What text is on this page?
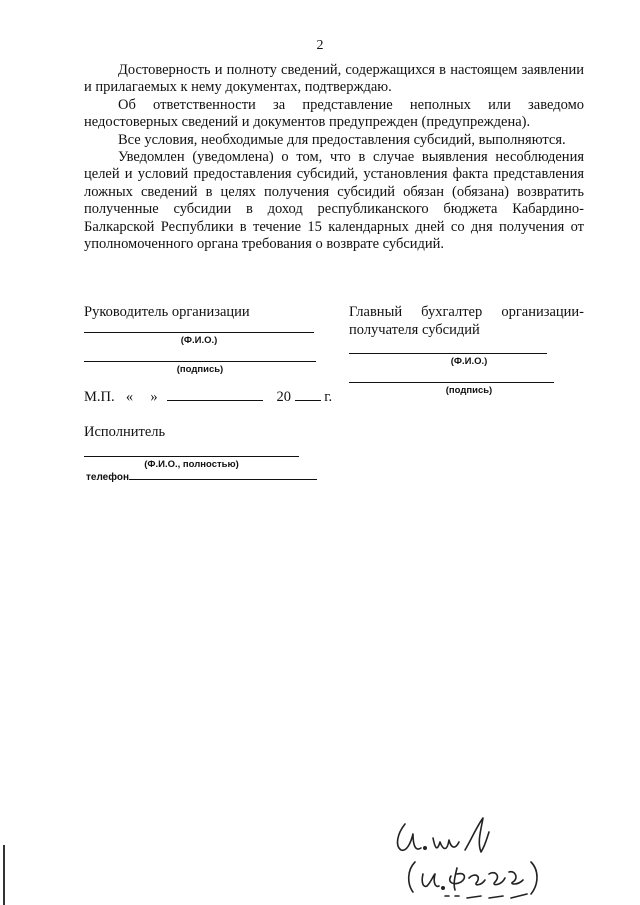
2

Достоверность и полноту сведений, содержащихся в настоящем заявлении и прилагаемых к нему документах, подтверждаю.

Об ответственности за представление неполных или заведомо недостоверных сведений и документов предупрежден (предупреждена).

Все условия, необходимые для предоставления субсидий, выполняются.

Уведомлен (уведомлена) о том, что в случае выявления несоблюдения целей и условий предоставления субсидий, установления факта представления ложных сведений в целях получения субсидий обязан (обязана) возвратить полученные субсидии в доход республиканского бюджета Кабардино-Балкарской Республики в течение 15 календарных дней со дня получения от уполномоченного органа требования о возврате субсидий.

Руководитель организации
(Ф.И.О.)
(подпись)
Главный бухгалтер организации-
получателя субсидий
(Ф.И.О.)
(подпись)
М.П. « »	20 г.
Исполнитель
(Ф.И.О., полностью)
телефон
